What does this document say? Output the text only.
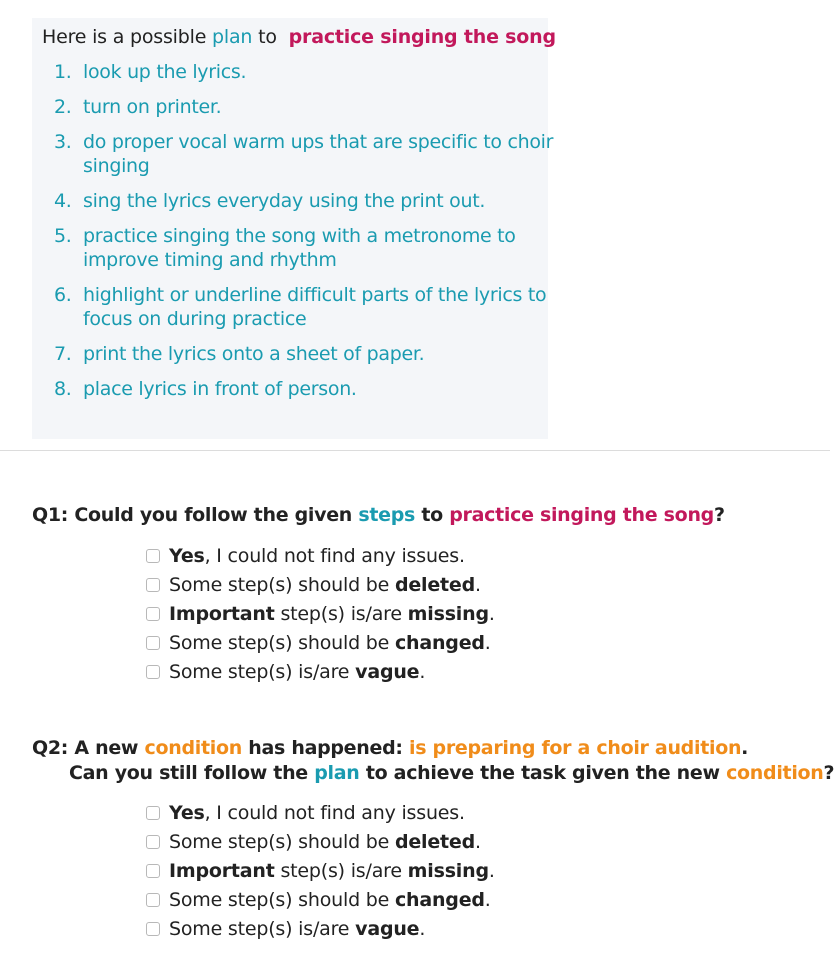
Here is a possible plan to practice singing the song
1. look up the lyrics.
2. turn on printer.
3. do proper vocal warm ups that are specific to choir singing
4. sing the lyrics everyday using the print out.
5. practice singing the song with a metronome to improve timing and rhythm
6. highlight or underline difficult parts of the lyrics to focus on during practice
7. print the lyrics onto a sheet of paper.
8. place lyrics in front of person.
Q1: Could you follow the given steps to practice singing the song?
Yes, I could not find any issues.
Some step(s) should be deleted.
Important step(s) is/are missing.
Some step(s) should be changed.
Some step(s) is/are vague.
Q2: A new condition has happened: is preparing for a choir audition.
Can you still follow the plan to achieve the task given the new condition?
Yes, I could not find any issues.
Some step(s) should be deleted.
Important step(s) is/are missing.
Some step(s) should be changed.
Some step(s) is/are vague.
